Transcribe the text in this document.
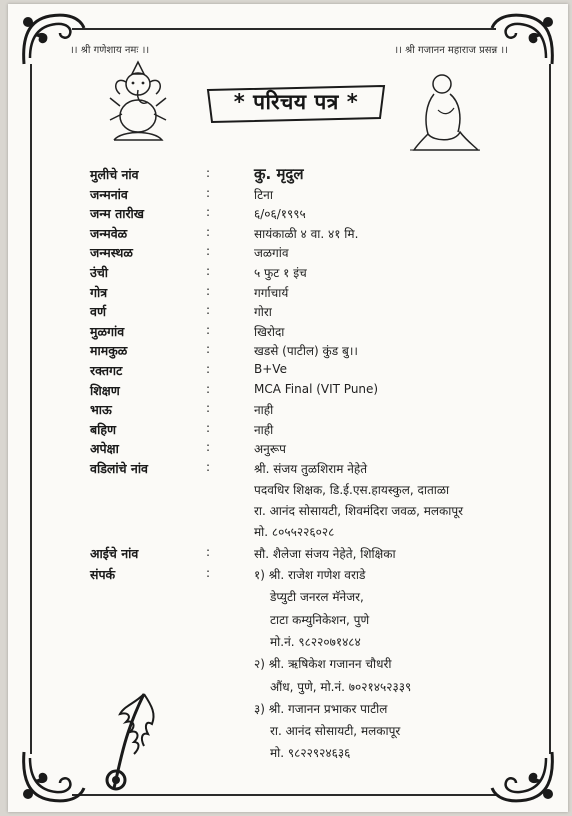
।। श्री गणेशाय नमः ।।	।। श्री गजानन महाराज प्रसन्न ।।
* परिचय पत्र *
मुलीचे नांव	:	कु. मृदुल
जन्मनांव	:	टिना
जन्म तारीख	:	६/०६/१९९५
जन्मवेळ	:	सायंकाळी ४ वा. ४१ मि.
जन्मस्थळ	:	जळगांव
उंची	:	५ फुट १ इंच
गोत्र	:	गर्गाचार्य
वर्ण	:	गोरा
मुळगांव	:	खिरोदा
मामकुळ	:	खडसे (पाटील) कुंड बु।।
रक्तगट	:	B+Ve
शिक्षण	:	MCA Final (VIT Pune)
भाऊ	:	नाही
बहिण	:	नाही
अपेक्षा	:	अनुरूप
वडिलांचे नांव	:	श्री. संजय तुळशिराम नेहेते
पदवधिर शिक्षक, डि.ई.एस.हायस्कुल, दाताळा
रा. आनंद सोसायटी, शिवमंदिरा जवळ, मलकापूर
मो. ८०५५२२६०२८
आईचे नांव	:	सौ. शैलेजा संजय नेहेते, शिक्षिका
संपर्क	:	१) श्री. राजेश गणेश वराडे
डेप्युटी जनरल मॅनेजर,
टाटा कम्युनिकेशन, पुणे
मो.नं. ९८२२०७१४८४
२) श्री. ऋषिकेश गजानन चौधरी
औंध, पुणे, मो.नं. ७०२१४५२३३९
३) श्री. गजानन प्रभाकर पाटील
रा. आनंद सोसायटी, मलकापूर
मो. ९८२२९२४६३६
